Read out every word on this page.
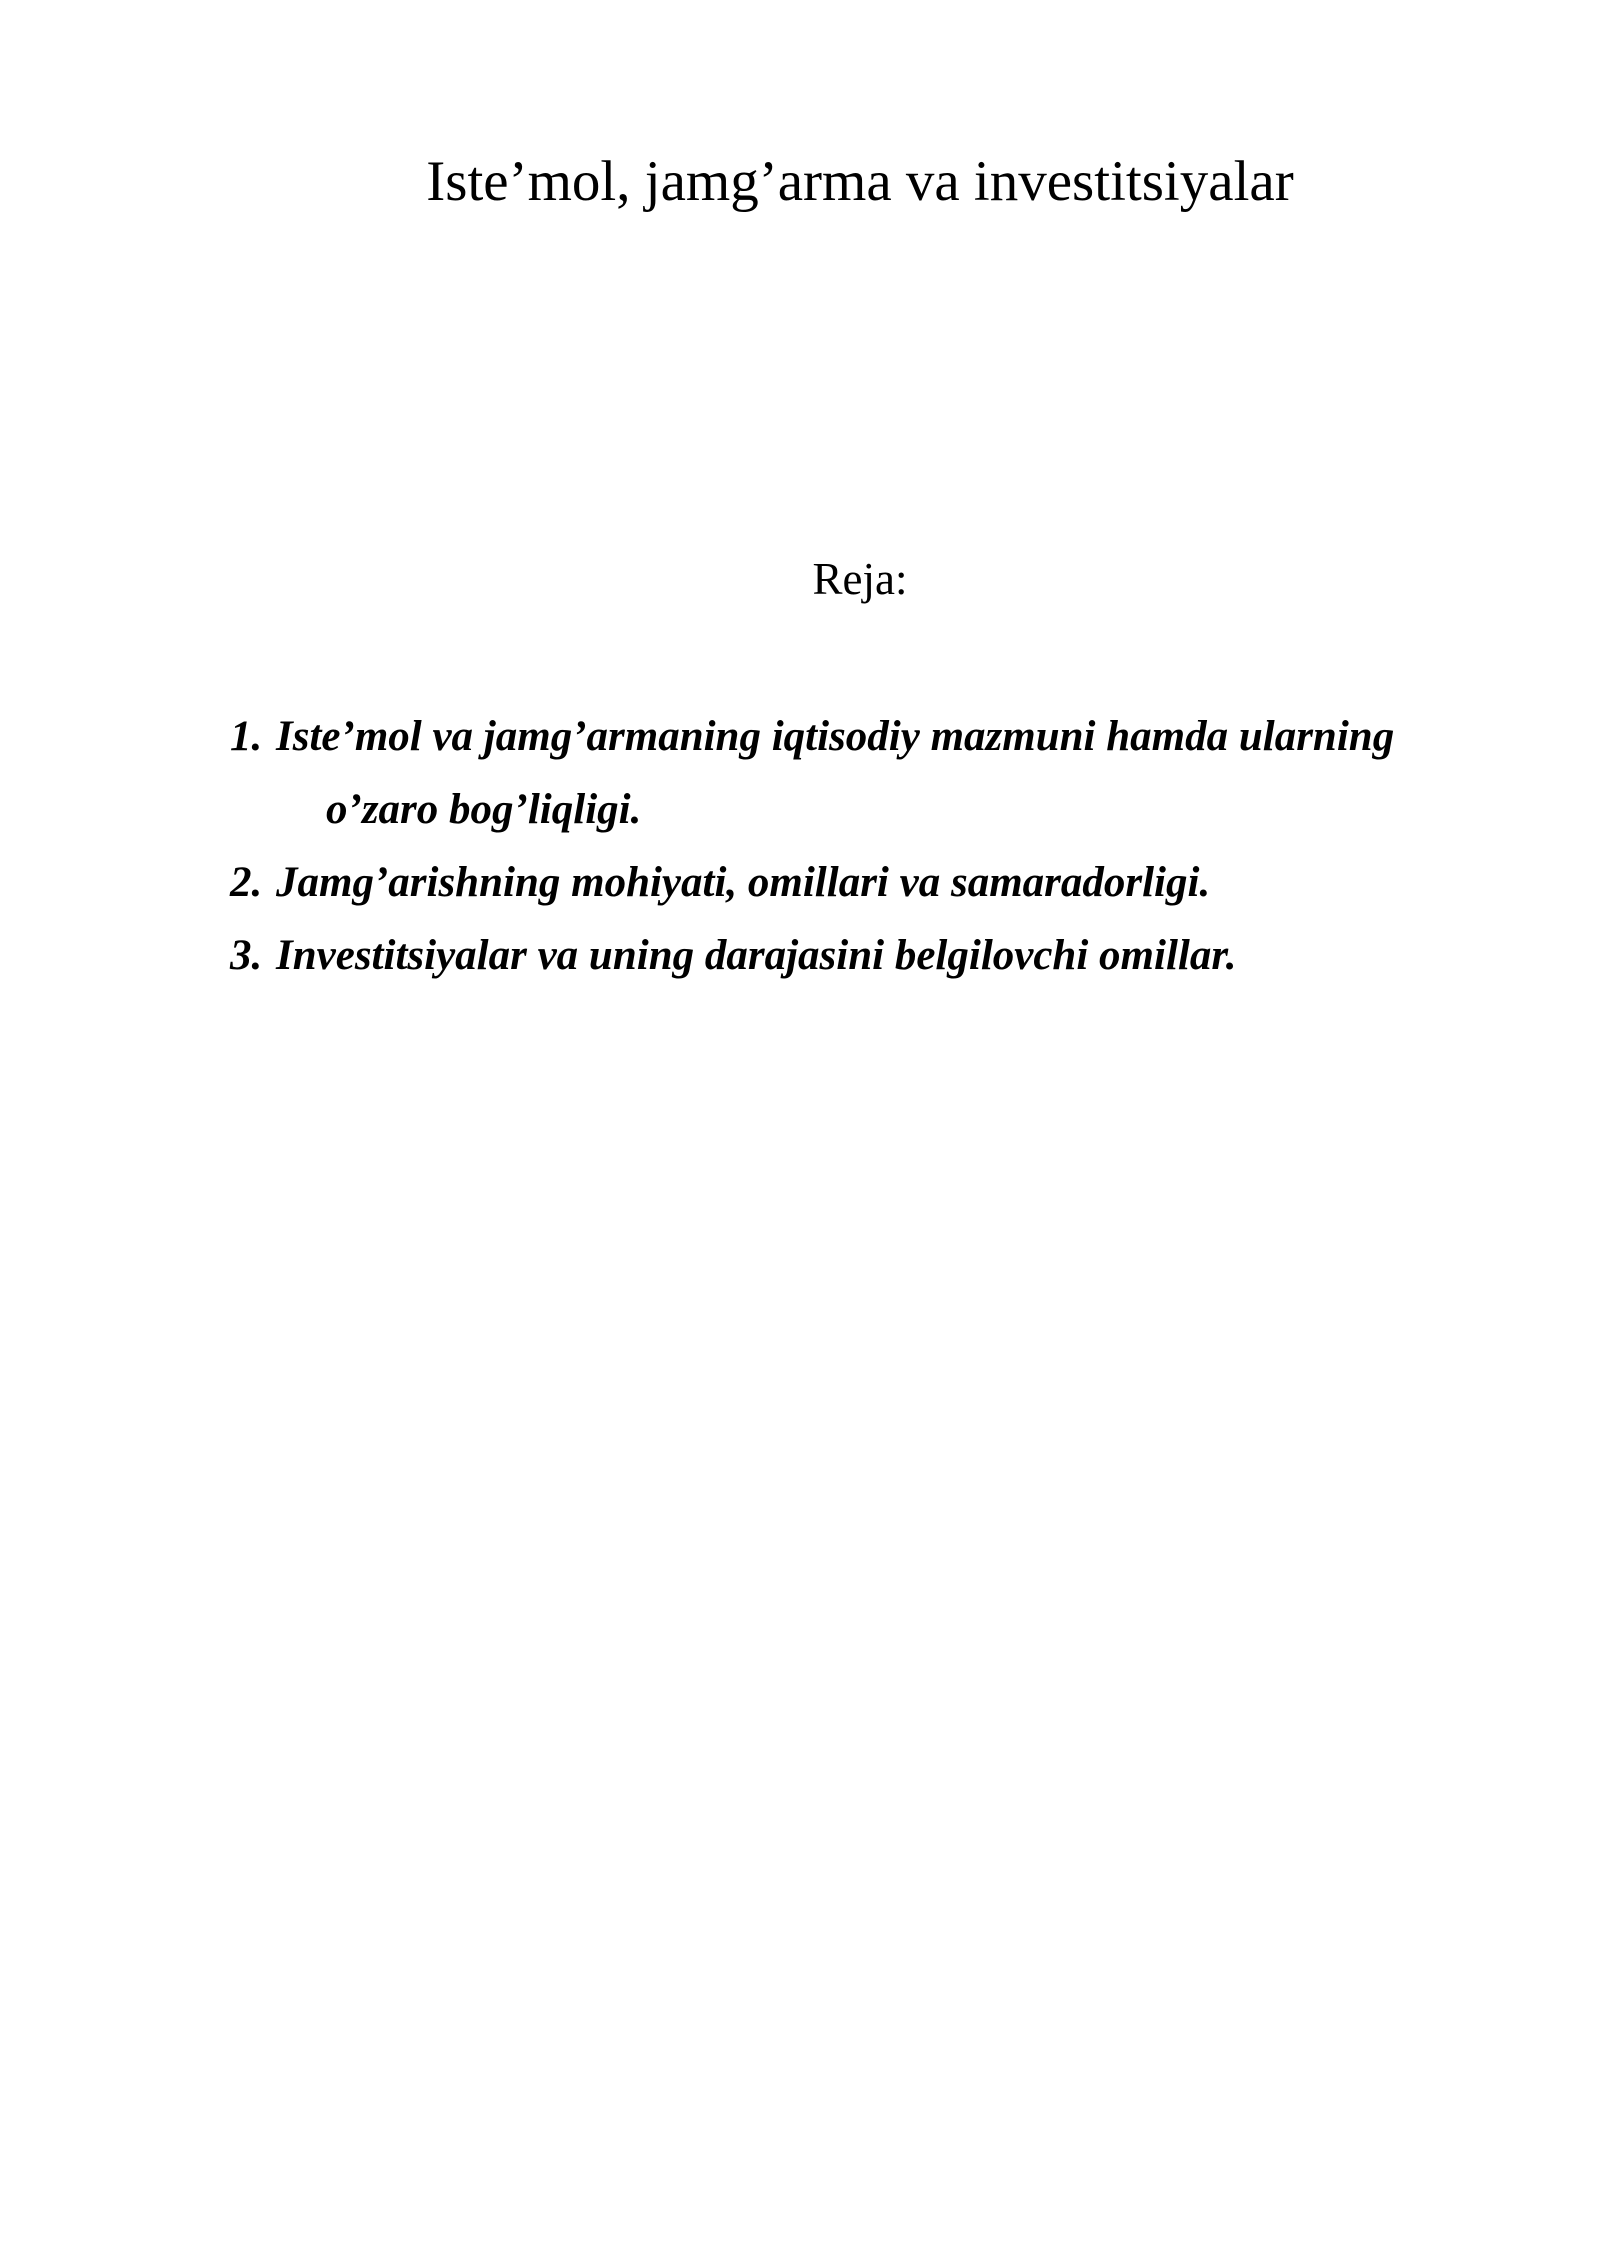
Iste’mol, jamg’arma va investitsiyalar
Reja:
1. Iste’mol va jamg’armaning iqtisodiy mazmuni hamda ularning
o’zaro bog’liqligi.
2. Jamg’arishning mohiyati, omillari va samaradorligi.
3. Investitsiyalar va uning darajasini belgilovchi omillar.
